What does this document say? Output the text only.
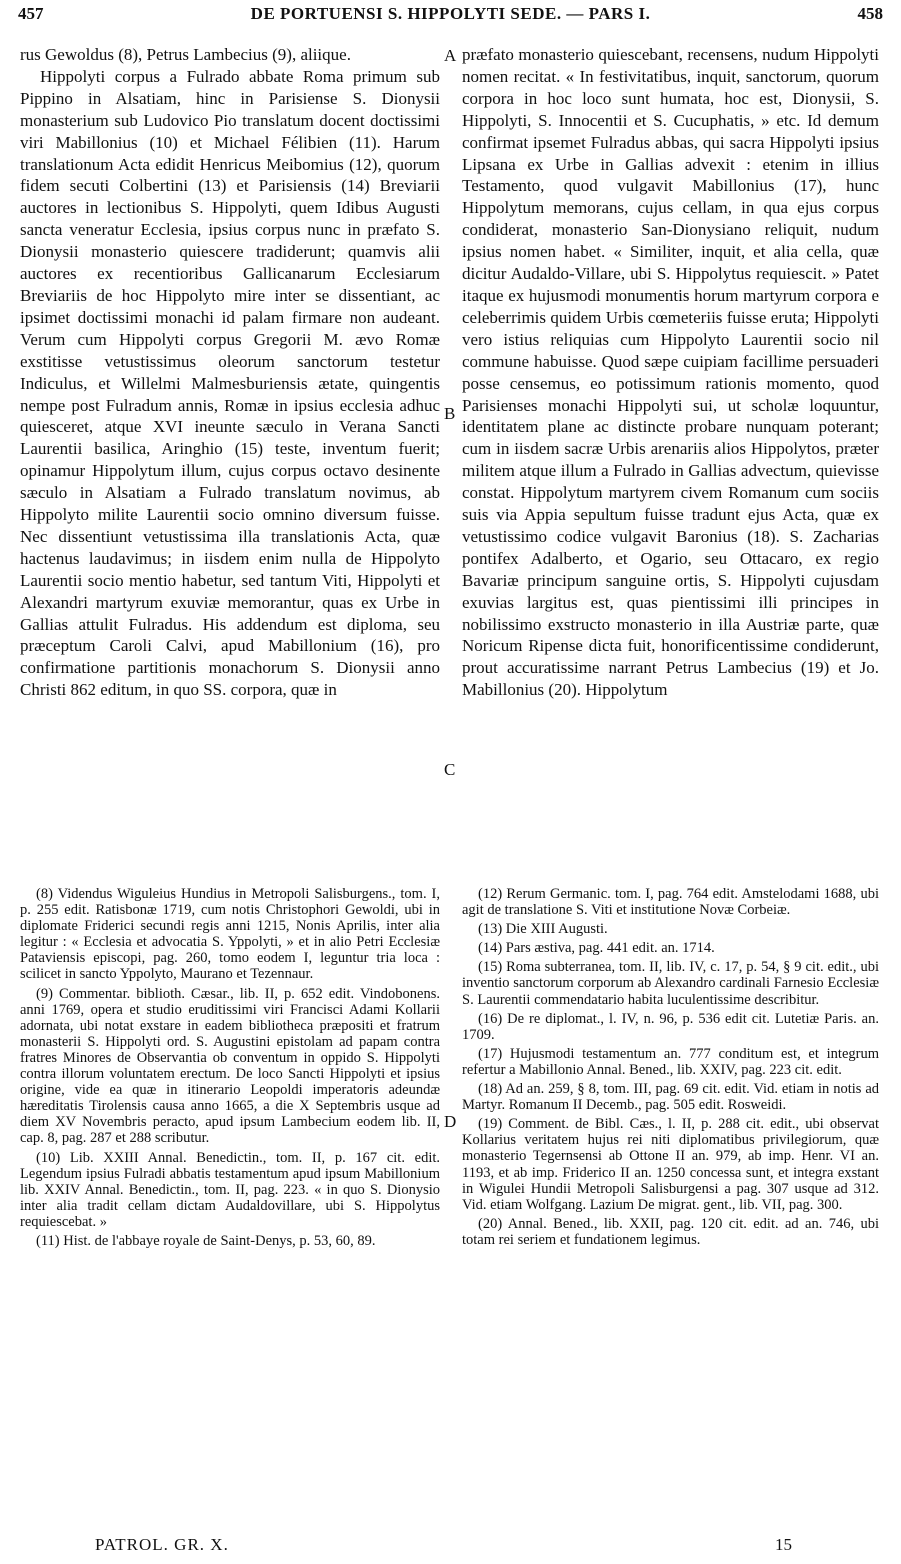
457	DE PORTUENSI S. HIPPOLYTI SEDE. — PARS I.	458

rus Gewoldus (8), Petrus Lambecius (9), aliique.

Hippolyti corpus a Fulrado abbate Roma primum sub Pippino in Alsatiam, hinc in Parisiense S. Dionysii monasterium sub Ludovico Pio translatum docent doctissimi viri Mabillonius (10) et Michael Félibien (11). Harum translationum Acta edidit Henricus Meibomius (12), quorum fidem secuti Colbertini (13) et Parisiensis (14) Breviarii auctores in lectionibus S. Hippolyti, quem Idibus Augusti sancta veneratur Ecclesia, ipsius corpus nunc in præfato S. Dionysii monasterio quiescere tradiderunt; quamvis alii auctores ex recentioribus Gallicanarum Ecclesiarum Breviariis de hoc Hippolyto mire inter se dissentiant, ac ipsimet doctissimi monachi id palam firmare non audeant. Verum cum Hippolyti corpus Gregorii M. ævo Romæ exstitisse vetustissimus oleorum sanctorum testetur Indiculus, et Willelmi Malmesburiensis ætate, quingentis nempe post Fulradum annis, Romæ in ipsius ecclesia adhuc quiesceret, atque XVI ineunte sæculo in Verana Sancti Laurentii basilica, Aringhio (15) teste, inventum fuerit; opinamur Hippolytum illum, cujus corpus octavo desinente sæculo in Alsatiam a Fulrado translatum novimus, ab Hippolyto milite Laurentii socio omnino diversum fuisse. Nec dissentiunt vetustissima illa translationis Acta, quæ hactenus laudavimus; in iisdem enim nulla de Hippolyto Laurentii socio mentio habetur, sed tantum Viti, Hippolyti et Alexandri martyrum exuviæ memorantur, quas ex Urbe in Gallias attulit Fulradus. His addendum est diploma, seu præceptum Caroli Calvi, apud Mabillonium (16), pro confirmatione partitionis monachorum S. Dionysii anno Christi 862 editum, in quo SS. corpora, quæ in

præfato monasterio quiescebant, recensens, nudum Hippolyti nomen recitat. « In festivitatibus, inquit, sanctorum, quorum corpora in hoc loco sunt humata, hoc est, Dionysii, S. Hippolyti, S. Innocentii et S. Cucuphatis, » etc. Id demum confirmat ipsemet Fulradus abbas, qui sacra Hippolyti ipsius Lipsana ex Urbe in Gallias advexit : etenim in illius Testamento, quod vulgavit Mabillonius (17), hunc Hippolytum memorans, cujus cellam, in qua ejus corpus condiderat, monasterio San-Dionysiano reliquit, nudum ipsius nomen habet. « Similiter, inquit, et alia cella, quæ dicitur Audaldo-Villare, ubi S. Hippolytus requiescit. » Patet itaque ex hujusmodi monumentis horum martyrum corpora e celeberrimis quidem Urbis cœmeteriis fuisse eruta; Hippolyti vero istius reliquias cum Hippolyto Laurentii socio nil commune habuisse. Quod sæpe cuipiam facillime persuaderi posse censemus, eo potissimum rationis momento, quod Parisienses monachi Hippolyti sui, ut scholæ loquuntur, identitatem plane ac distincte probare nunquam poterant; cum in iisdem sacræ Urbis arenariis alios Hippolytos, præter militem atque illum a Fulrado in Gallias advectum, quievisse constat. Hippolytum martyrem civem Romanum cum sociis suis via Appia sepultum fuisse tradunt ejus Acta, quæ ex vetustissimo codice vulgavit Baronius (18). S. Zacharias pontifex Adalberto, et Ogario, seu Ottacaro, ex regio Bavariæ principum sanguine ortis, S. Hippolyti cujusdam exuvias largitus est, quas pientissimi illi principes in nobilissimo exstructo monasterio in illa Austriæ parte, quæ Noricum Ripense dicta fuit, honorificentissime condiderunt, prout accuratissime narrant Petrus Lambecius (19) et Jo. Mabillonius (20). Hippolytum

A
B
C
D

(8) Videndus Wiguleius Hundius in Metropoli Salisburgens., tom. I, p. 255 edit. Ratisbonæ 1719, cum notis Christophori Gewoldi, ubi in diplomate Friderici secundi regis anni 1215, Nonis Aprilis, inter alia legitur : « Ecclesia et advocatia S. Yppolyti, » et in alio Petri Ecclesiæ Pataviensis episcopi, pag. 260, tomo eodem I, leguntur tria loca : scilicet in sancto Yppolyto, Maurano et Tezennaur.

(9) Commentar. biblioth. Cæsar., lib. II, p. 652 edit. Vindobonens. anni 1769, opera et studio eruditissimi viri Francisci Adami Kollarii adornata, ubi notat exstare in eadem bibliotheca præpositi et fratrum monasterii S. Hippolyti ord. S. Augustini epistolam ad papam contra fratres Minores de Observantia ob conventum in oppido S. Hippolyti contra illorum voluntatem erectum. De loco Sancti Hippolyti et ipsius origine, vide ea quæ in itinerario Leopoldi imperatoris adeundæ hæreditatis Tirolensis causa anno 1665, a die X Septembris usque ad diem XV Novembris peracto, apud ipsum Lambecium eodem lib. II, cap. 8, pag. 287 et 288 scributur.

(10) Lib. XXIII Annal. Benedictin., tom. II, p. 167 cit. edit. Legendum ipsius Fulradi abbatis testamentum apud ipsum Mabillonium lib. XXIV Annal. Benedictin., tom. II, pag. 223. « in quo S. Dionysio inter alia tradit cellam dictam Audaldovillare, ubi S. Hippolytus requiescebat. »

(11) Hist. de l'abbaye royale de Saint-Denys, p. 53, 60, 89.

(12) Rerum Germanic. tom. I, pag. 764 edit. Amstelodami 1688, ubi agit de translatione S. Viti et institutione Novæ Corbeiæ.

(13) Die XIII Augusti.

(14) Pars æstiva, pag. 441 edit. an. 1714.

(15) Roma subterranea, tom. II, lib. IV, c. 17, p. 54, § 9 cit. edit., ubi inventio sanctorum corporum ab Alexandro cardinali Farnesio Ecclesiæ S. Laurentii commendatario habita luculentissime describitur.

(16) De re diplomat., l. IV, n. 96, p. 536 edit cit. Lutetiæ Paris. an. 1709.

(17) Hujusmodi testamentum an. 777 conditum est, et integrum refertur a Mabillonio Annal. Bened., lib. XXIV, pag. 223 cit. edit.

(18) Ad an. 259, § 8, tom. III, pag. 69 cit. edit. Vid. etiam in notis ad Martyr. Romanum II Decemb., pag. 505 edit. Rosweidi.

(19) Comment. de Bibl. Cæs., l. II, p. 288 cit. edit., ubi observat Kollarius veritatem hujus rei niti diplomatibus privilegiorum, quæ monasterio Tegernsensi ab Ottone II an. 979, ab imp. Henr. VI an. 1193, et ab imp. Friderico II an. 1250 concessa sunt, et integra exstant in Wigulei Hundii Metropoli Salisburgensi a pag. 307 usque ad 312. Vid. etiam Wolfgang. Lazium De migrat. gent., lib. VII, pag. 300.

(20) Annal. Bened., lib. XXII, pag. 120 cit. edit. ad an. 746, ubi totam rei seriem et fundationem legimus.

PATROL. GR. X.	15
